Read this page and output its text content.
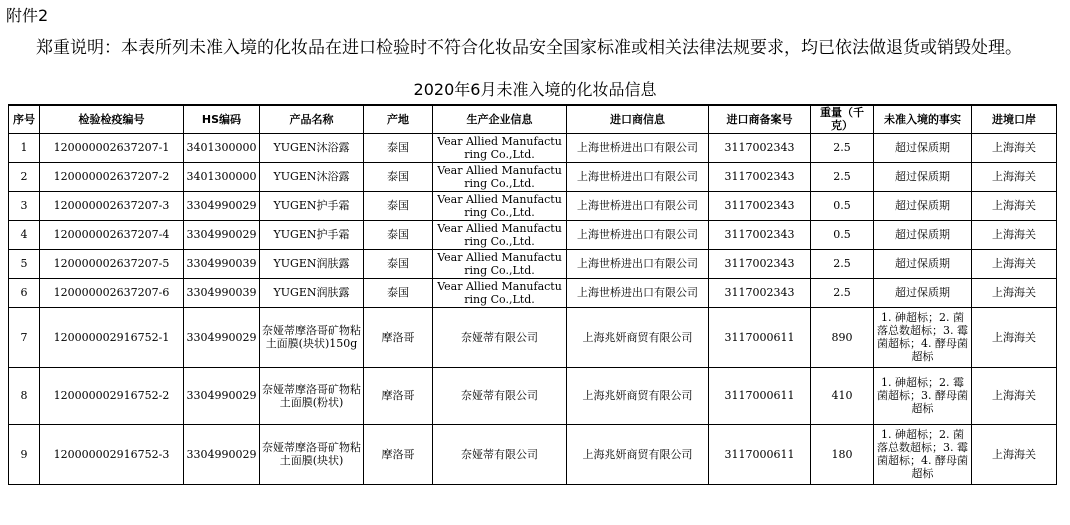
附件2
郑重说明：本表所列未准入境的化妆品在进口检验时不符合化妆品安全国家标准或相关法律法规要求，均已依法做退货或销毁处理。
2020年6月未准入境的化妆品信息
序号	检验检疫编号	HS编码	产品名称	产地	生产企业信息	进口商信息	进口商备案号	重量（千克）	未准入境的事实	进境口岸
1	120000002637207-1	3401300000	YUGEN沐浴露	泰国	Vear Allied Manufacturing Co.,Ltd.	上海世桥进出口有限公司	3117002343	2.5	超过保质期	上海海关
2	120000002637207-2	3401300000	YUGEN沐浴露	泰国	Vear Allied Manufacturing Co.,Ltd.	上海世桥进出口有限公司	3117002343	2.5	超过保质期	上海海关
3	120000002637207-3	3304990029	YUGEN护手霜	泰国	Vear Allied Manufacturing Co.,Ltd.	上海世桥进出口有限公司	3117002343	0.5	超过保质期	上海海关
4	120000002637207-4	3304990029	YUGEN护手霜	泰国	Vear Allied Manufacturing Co.,Ltd.	上海世桥进出口有限公司	3117002343	0.5	超过保质期	上海海关
5	120000002637207-5	3304990039	YUGEN润肤露	泰国	Vear Allied Manufacturing Co.,Ltd.	上海世桥进出口有限公司	3117002343	2.5	超过保质期	上海海关
6	120000002637207-6	3304990039	YUGEN润肤露	泰国	Vear Allied Manufacturing Co.,Ltd.	上海世桥进出口有限公司	3117002343	2.5	超过保质期	上海海关
7	120000002916752-1	3304990029	奈娅蒂摩洛哥矿物粘土面膜(块状)150g	摩洛哥	奈娅蒂有限公司	上海兆妍商贸有限公司	3117000611	890	1. 砷超标；2. 菌落总数超标；3. 霉菌超标；4. 酵母菌超标	上海海关
8	120000002916752-2	3304990029	奈娅蒂摩洛哥矿物粘土面膜(粉状)	摩洛哥	奈娅蒂有限公司	上海兆妍商贸有限公司	3117000611	410	1. 砷超标；2. 霉菌超标；3. 酵母菌超标	上海海关
9	120000002916752-3	3304990029	奈娅蒂摩洛哥矿物粘土面膜(块状)	摩洛哥	奈娅蒂有限公司	上海兆妍商贸有限公司	3117000611	180	1. 砷超标；2. 菌落总数超标；3. 霉菌超标；4. 酵母菌超标	上海海关
